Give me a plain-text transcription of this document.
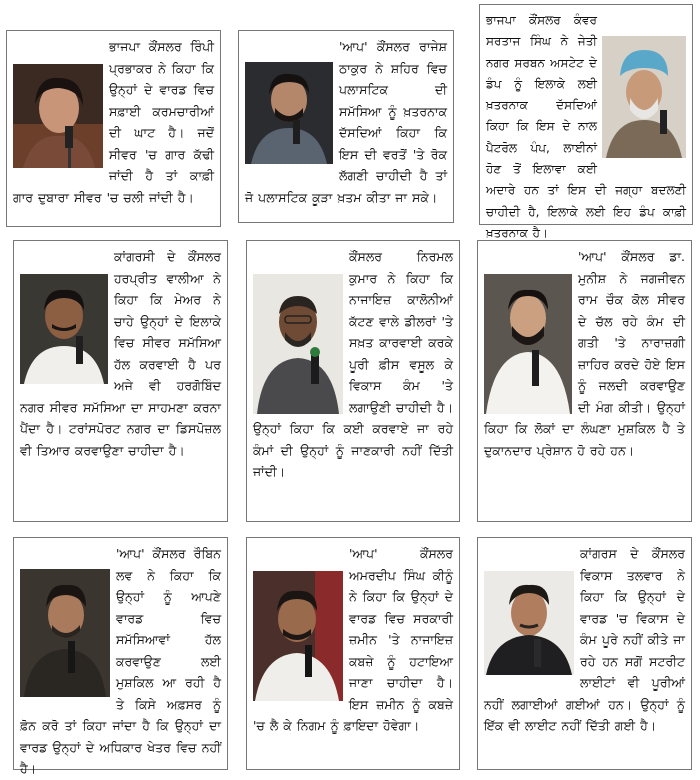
ਭਾਜਪਾ ਕੌਂਸਲਰ ਰਿੰਪੀ ਪ੍ਰਭਾਕਰ ਨੇ ਕਿਹਾ ਕਿ ਉਨ੍ਹਾਂ ਦੇ ਵਾਰਡ ਵਿਚ ਸਫ਼ਾਈ ਕਰਮਚਾਰੀਆਂ ਦੀ ਘਾਟ ਹੈ। ਜਦੋਂ ਸੀਵਰ 'ਚ ਗਾਰ ਕੱਢੀ ਜਾਂਦੀ ਹੈ ਤਾਂ ਕਾਫ਼ੀ ਗਾਰ ਦੁਬਾਰਾ ਸੀਵਰ 'ਚ ਚਲੀ ਜਾਂਦੀ ਹੈ।

'ਆਪ' ਕੌਂਸਲਰ ਰਾਜੇਸ਼ ਠਾਕੁਰ ਨੇ ਸ਼ਹਿਰ ਵਿਚ ਪਲਾਸਟਿਕ ਦੀ ਸਮੱਸਿਆ ਨੂੰ ਖ਼ਤਰਨਾਕ ਦੱਸਦਿਆਂ ਕਿਹਾ ਕਿ ਇਸ ਦੀ ਵਰਤੋਂ 'ਤੇ ਰੋਕ ਲੱਗਣੀ ਚਾਹੀਦੀ ਹੈ ਤਾਂ ਜੋ ਪਲਾਸਟਿਕ ਕੂੜਾ ਖ਼ਤਮ ਕੀਤਾ ਜਾ ਸਕੇ।

ਭਾਜਪਾ ਕੌਂਸਲਰ ਕੰਵਰ ਸਰਤਾਜ ਸਿੰਘ ਨੇ ਜੇਤੀ ਨਗਰ ਸਰਬਨ ਅਸਟੇਟ ਦੇ ਡੰਪ ਨੂੰ ਇਲਾਕੇ ਲਈ ਖ਼ਤਰਨਾਕ ਦੱਸਦਿਆਂ ਕਿਹਾ ਕਿ ਇਸ ਦੇ ਨਾਲ ਪੈਟਰੋਲ ਪੰਪ, ਲਾਈਨਾਂ ਹੋਣ ਤੋਂ ਇਲਾਵਾ ਕਈ ਅਦਾਰੇ ਹਨ ਤਾਂ ਇਸ ਦੀ ਜਗ੍ਹਾ ਬਦਲਣੀ ਚਾਹੀਦੀ ਹੈ, ਇਲਾਕੇ ਲਈ ਇਹ ਡੰਪ ਕਾਫ਼ੀ ਖ਼ਤਰਨਾਕ ਹੈ।

ਕਾਂਗਰਸੀ ਦੇ ਕੌਂਸਲਰ ਹਰਪ੍ਰੀਤ ਵਾਲੀਆ ਨੇ ਕਿਹਾ ਕਿ ਮੇਅਰ ਨੇ ਚਾਹੇ ਉਨ੍ਹਾਂ ਦੇ ਇਲਾਕੇ ਵਿਚ ਸੀਵਰ ਸਮੱਸਿਆ ਹੱਲ ਕਰਵਾਈ ਹੈ ਪਰ ਅਜੇ ਵੀ ਹਰਗੋਬਿੰਦ ਨਗਰ ਸੀਵਰ ਸਮੱਸਿਆ ਦਾ ਸਾਹਮਣਾ ਕਰਨਾ ਪੈਂਦਾ ਹੈ। ਟਰਾਂਸਪੋਰਟ ਨਗਰ ਦਾ ਡਿਸਪੋਜ਼ਲ ਵੀ ਤਿਆਰ ਕਰਵਾਉਣਾ ਚਾਹੀਦਾ ਹੈ।

ਕੌਂਸਲਰ ਨਿਰਮਲ ਕੁਮਾਰ ਨੇ ਕਿਹਾ ਕਿ ਨਾਜਾਇਜ਼ ਕਾਲੋਨੀਆਂ ਕੱਟਣ ਵਾਲੇ ਡੀਲਰਾਂ 'ਤੇ ਸਖ਼ਤ ਕਾਰਵਾਈ ਕਰਕੇ ਪੂਰੀ ਫ਼ੀਸ ਵਸੂਲ ਕੇ ਵਿਕਾਸ ਕੰਮ 'ਤੇ ਲਗਾਉਣੀ ਚਾਹੀਦੀ ਹੈ। ਉਨ੍ਹਾਂ ਕਿਹਾ ਕਿ ਕਈ ਕਰਵਾਏ ਜਾ ਰਹੇ ਕੰਮਾਂ ਦੀ ਉਨ੍ਹਾਂ ਨੂੰ ਜਾਣਕਾਰੀ ਨਹੀਂ ਦਿੱਤੀ ਜਾਂਦੀ।

'ਆਪ' ਕੌਂਸਲਰ ਡਾ. ਮੁਨੀਸ਼ ਨੇ ਜਗਜੀਵਨ ਰਾਮ ਚੌਕ ਕੋਲ ਸੀਵਰ ਦੇ ਚੱਲ ਰਹੇ ਕੰਮ ਦੀ ਗਤੀ 'ਤੇ ਨਾਰਾਜ਼ਗੀ ਜ਼ਾਹਿਰ ਕਰਦੇ ਹੋਏ ਇਸ ਨੂੰ ਜਲਦੀ ਕਰਵਾਉਣ ਦੀ ਮੰਗ ਕੀਤੀ। ਉਨ੍ਹਾਂ ਕਿਹਾ ਕਿ ਲੋਕਾਂ ਦਾ ਲੰਘਣਾ ਮੁਸ਼ਕਿਲ ਹੈ ਤੇ ਦੁਕਾਨਦਾਰ ਪ੍ਰੇਸ਼ਾਨ ਹੋ ਰਹੇ ਹਨ।

'ਆਪ' ਕੌਂਸਲਰ ਰੌਬਿਨ ਲਵ ਨੇ ਕਿਹਾ ਕਿ ਉਨ੍ਹਾਂ ਨੂੰ ਆਪਣੇ ਵਾਰਡ ਵਿਚ ਸਮੱਸਿਆਵਾਂ ਹੱਲ ਕਰਵਾਉਣ ਲਈ ਮੁਸ਼ਕਿਲ ਆ ਰਹੀ ਹੈ ਤੇ ਕਿਸੇ ਅਫ਼ਸਰ ਨੂੰ ਫ਼ੋਨ ਕਰੋ ਤਾਂ ਕਿਹਾ ਜਾਂਦਾ ਹੈ ਕਿ ਉਨ੍ਹਾਂ ਦਾ ਵਾਰਡ ਉਨ੍ਹਾਂ ਦੇ ਅਧਿਕਾਰ ਖੇਤਰ ਵਿਚ ਨਹੀਂ ਹੈ।

'ਆਪ' ਕੌਂਸਲਰ ਅਮਰਦੀਪ ਸਿੰਘ ਕੀਨੂੰ ਨੇ ਕਿਹਾ ਕਿ ਉਨ੍ਹਾਂ ਦੇ ਵਾਰਡ ਵਿਚ ਸਰਕਾਰੀ ਜ਼ਮੀਨ 'ਤੇ ਨਾਜਾਇਜ਼ ਕਬਜ਼ੇ ਨੂੰ ਹਟਾਇਆ ਜਾਣਾ ਚਾਹੀਦਾ ਹੈ। ਇਸ ਜ਼ਮੀਨ ਨੂੰ ਕਬਜ਼ੇ 'ਚ ਲੈ ਕੇ ਨਿਗਮ ਨੂੰ ਫ਼ਾਇਦਾ ਹੋਵੇਗਾ।

ਕਾਂਗਰਸ ਦੇ ਕੌਂਸਲਰ ਵਿਕਾਸ ਤਲਵਾਰ ਨੇ ਕਿਹਾ ਕਿ ਉਨ੍ਹਾਂ ਦੇ ਵਾਰਡ 'ਚ ਵਿਕਾਸ ਦੇ ਕੰਮ ਪੂਰੇ ਨਹੀਂ ਕੀਤੇ ਜਾ ਰਹੇ ਹਨ ਸਗੋਂ ਸਟਰੀਟ ਲਾਈਟਾਂ ਵੀ ਪੂਰੀਆਂ ਨਹੀਂ ਲਗਾਈਆਂ ਗਈਆਂ ਹਨ। ਉਨ੍ਹਾਂ ਨੂੰ ਇੱਕ ਵੀ ਲਾਈਟ ਨਹੀਂ ਦਿੱਤੀ ਗਈ ਹੈ।
